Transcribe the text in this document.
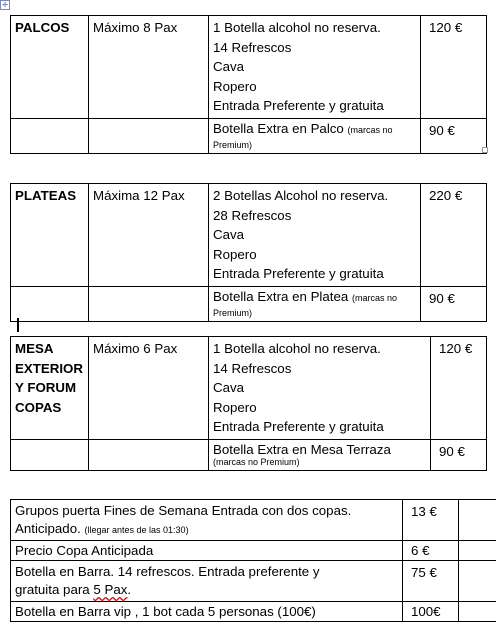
✛
PALCOS	Máximo 8 Pax	1 Botella alcohol no reserva.
14 Refrescos
Cava
Ropero
Entrada Preferente y gratuita	120 €
		Botella Extra en Palco (marcas no
Premium)	90 €
PLATEAS	Máxima 12 Pax	2 Botellas Alcohol no reserva.
28 Refrescos
Cava
Ropero
Entrada Preferente y gratuita	220 €
		Botella Extra en Platea (marcas no
Premium)	90 €
MESA
EXTERIOR
Y FORUM
COPAS	Máximo 6 Pax	1 Botella alcohol no reserva.
14 Refrescos
Cava
Ropero
Entrada Preferente y gratuita	120 €

		Botella Extra en Mesa Terraza
(marcas no Premium)	90 €
Grupos puerta Fines de Semana Entrada con dos copas.
Anticipado. (llegar antes de las 01:30)	13 €	
Precio Copa Anticipada	6 €	

Botella en Barra. 14 refrescos. Entrada preferente y
gratuita para 5 Pax.	75 €	
Botella en Barra vip , 1 bot cada 5 personas (100€)	100€	
